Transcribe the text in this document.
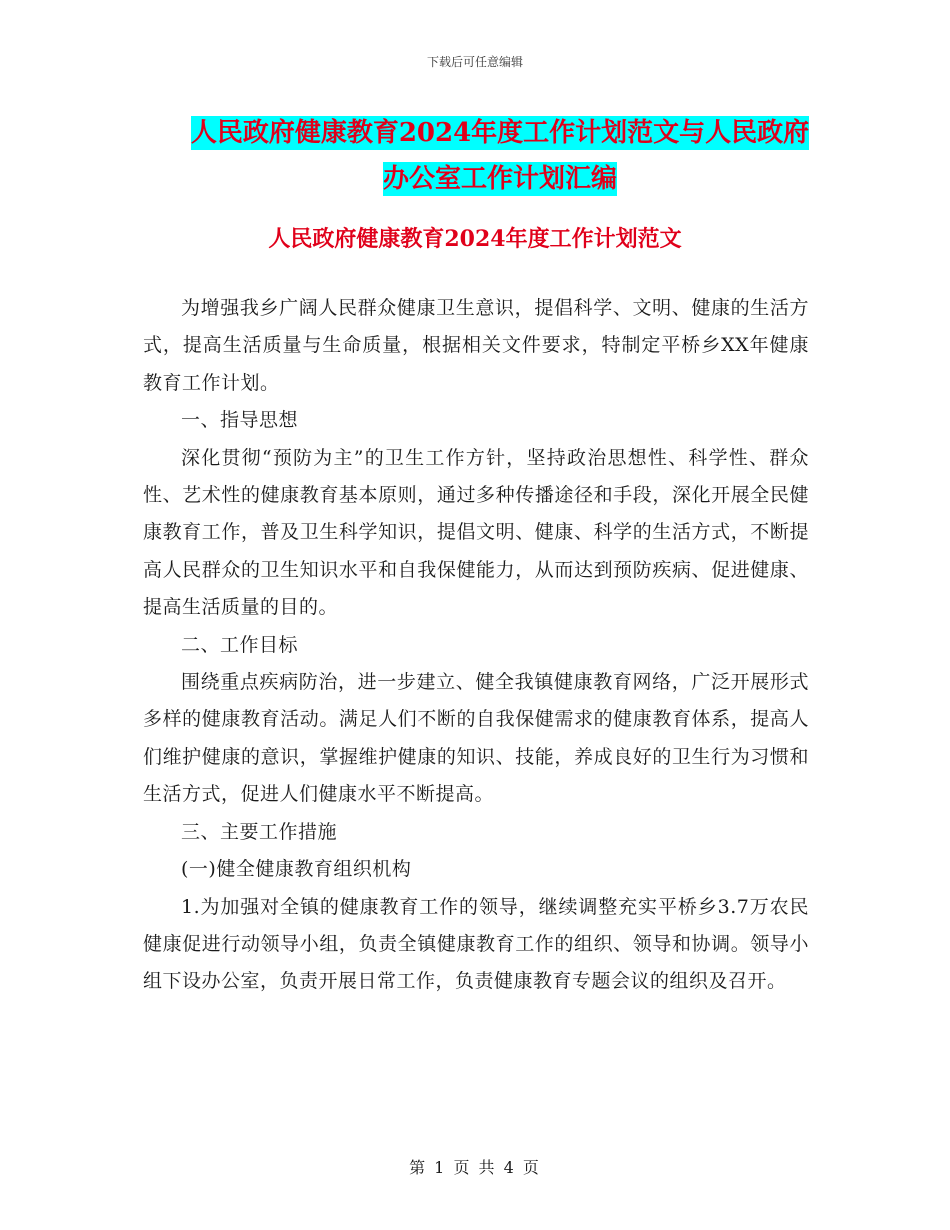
下载后可任意编辑
人民政府健康教育2024年度工作计划范文与人民政府
办公室工作计划汇编
人民政府健康教育2024年度工作计划范文

为增强我乡广阔人民群众健康卫生意识，提倡科学、文明、健康的生活方式，提高生活质量与生命质量，根据相关文件要求，特制定平桥乡XX年健康教育工作计划。

一、指导思想

深化贯彻“预防为主”的卫生工作方针，坚持政治思想性、科学性、群众性、艺术性的健康教育基本原则，通过多种传播途径和手段，深化开展全民健康教育工作，普及卫生科学知识，提倡文明、健康、科学的生活方式，不断提高人民群众的卫生知识水平和自我保健能力，从而达到预防疾病、促进健康、提高生活质量的目的。

二、工作目标

围绕重点疾病防治，进一步建立、健全我镇健康教育网络，广泛开展形式多样的健康教育活动。满足人们不断的自我保健需求的健康教育体系，提高人们维护健康的意识，掌握维护健康的知识、技能，养成良好的卫生行为习惯和生活方式，促进人们健康水平不断提高。

三、主要工作措施

(一)健全健康教育组织机构

1.为加强对全镇的健康教育工作的领导，继续调整充实平桥乡3.7万农民健康促进行动领导小组，负责全镇健康教育工作的组织、领导和协调。领导小组下设办公室，负责开展日常工作，负责健康教育专题会议的组织及召开。

第 1 页 共 4 页
